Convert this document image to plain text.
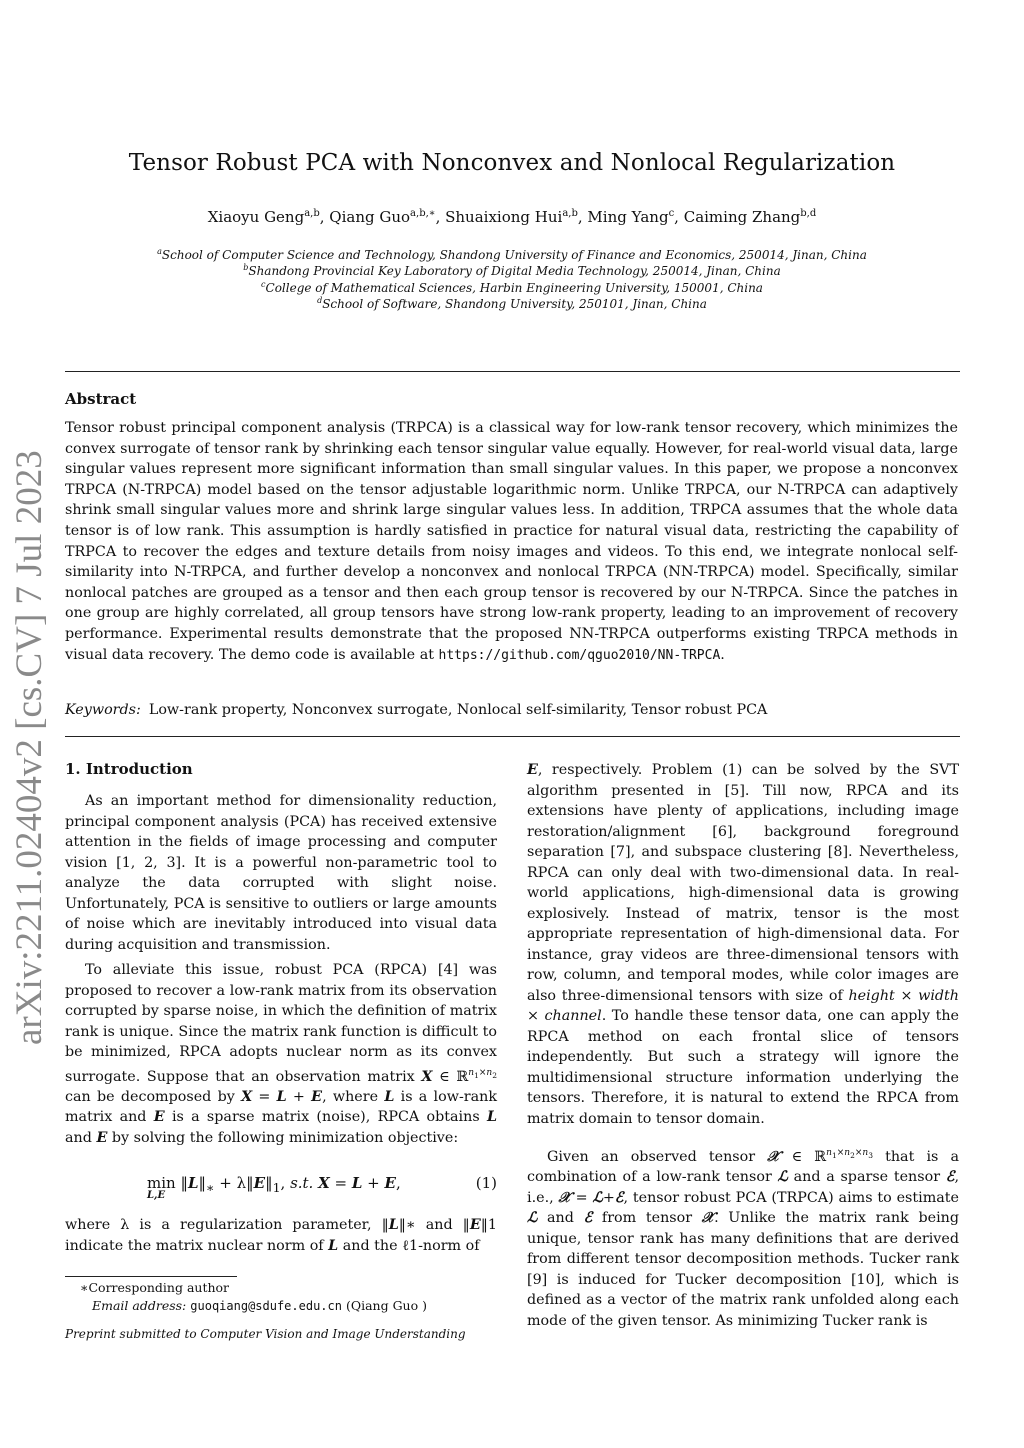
arXiv:2211.02404v2 [cs.CV] 7 Jul 2023
Tensor Robust PCA with Nonconvex and Nonlocal Regularization
Xiaoyu Geng$^{a,b}$, Qiang Guo$^{a,b,∗}$, Shuaixiong Hui$^{a,b}$, Ming Yang$^c$, Caiming Zhang$^{b,d}$
$^a$School of Computer Science and Technology, Shandong University of Finance and Economics, 250014, Jinan, China
$^b$Shandong Provincial Key Laboratory of Digital Media Technology, 250014, Jinan, China
$^c$College of Mathematical Sciences, Harbin Engineering University, 150001, China
$^d$School of Software, Shandong University, 250101, Jinan, China
Abstract

Tensor robust principal component analysis (TRPCA) is a classical way for low-rank tensor recovery, which minimizes the convex surrogate of tensor rank by shrinking each tensor singular value equally. However, for real-world visual data, large singular values represent more significant information than small singular values. In this paper, we propose a nonconvex TRPCA (N-TRPCA) model based on the tensor adjustable logarithmic norm. Unlike TRPCA, our N-TRPCA can adaptively shrink small singular values more and shrink large singular values less. In addition, TRPCA assumes that the whole data tensor is of low rank. This assumption is hardly satisfied in practice for natural visual data, restricting the capability of TRPCA to recover the edges and texture details from noisy images and videos. To this end, we integrate nonlocal self-similarity into N-TRPCA, and further develop a nonconvex and nonlocal TRPCA (NN-TRPCA) model. Specifically, similar nonlocal patches are grouped as a tensor and then each group tensor is recovered by our N-TRPCA. Since the patches in one group are highly correlated, all group tensors have strong low-rank property, leading to an improvement of recovery performance. Experimental results demonstrate that the proposed NN-TRPCA outperforms existing TRPCA methods in visual data recovery. The demo code is available at https://github.com/qguo2010/NN-TRPCA.

Keywords: Low-rank property, Nonconvex surrogate, Nonlocal self-similarity, Tensor robust PCA
1. Introduction

As an important method for dimensionality reduction, principal component analysis (PCA) has received extensive attention in the fields of image processing and computer vision [1, 2, 3]. It is a powerful non-parametric tool to analyze the data corrupted with slight noise. Unfortunately, PCA is sensitive to outliers or large amounts of noise which are inevitably introduced into visual data during acquisition and transmission.

To alleviate this issue, robust PCA (RPCA) [4] was proposed to recover a low-rank matrix from its observation corrupted by sparse noise, in which the definition of matrix rank is unique. Since the matrix rank function is difficult to be minimized, RPCA adopts nuclear norm as its convex surrogate. Suppose that an observation matrix X ∈ ℝ$^{n_1\times n_2}$ can be decomposed by X = L + E, where L is a low-rank matrix and E is a sparse matrix (noise), RPCA obtains L and E by solving the following minimization objective:

$\min ‖L‖_∗$ + $\lambda‖E‖_1$, s.t. X = L + E,
L,E
(1)

where λ is a regularization parameter, ‖L‖∗ and ‖E‖1 indicate the matrix nuclear norm of L and the ℓ1-norm of

E, respectively. Problem (1) can be solved by the SVT algorithm presented in [5]. Till now, RPCA and its extensions have plenty of applications, including image restoration/alignment [6], background foreground separation [7], and subspace clustering [8]. Nevertheless, RPCA can only deal with two-dimensional data. In real-world applications, high-dimensional data is growing explosively. Instead of matrix, tensor is the most appropriate representation of high-dimensional data. For instance, gray videos are three-dimensional tensors with row, column, and temporal modes, while color images are also three-dimensional tensors with size of height × width × channel. To handle these tensor data, one can apply the RPCA method on each frontal slice of tensors independently. But such a strategy will ignore the multidimensional structure information underlying the tensors. Therefore, it is natural to extend the RPCA from matrix domain to tensor domain.

Given an observed tensor 𝒳 ∈ ℝ$^{n_1\times n_2\times n_3}$ that is a combination of a low-rank tensor ℒ and a sparse tensor ℰ, i.e., 𝒳 = ℒ+ℰ, tensor robust PCA (TRPCA) aims to estimate ℒ and ℰ from tensor 𝒳. Unlike the matrix rank being unique, tensor rank has many definitions that are derived from different tensor decomposition methods. Tucker rank [9] is induced for Tucker decomposition [10], which is defined as a vector of the matrix rank unfolded along each mode of the given tensor. As minimizing Tucker rank is

∗Corresponding author
Email address: guoqiang@sdufe.edu.cn (Qiang Guo )
Preprint submitted to Computer Vision and Image Understanding
